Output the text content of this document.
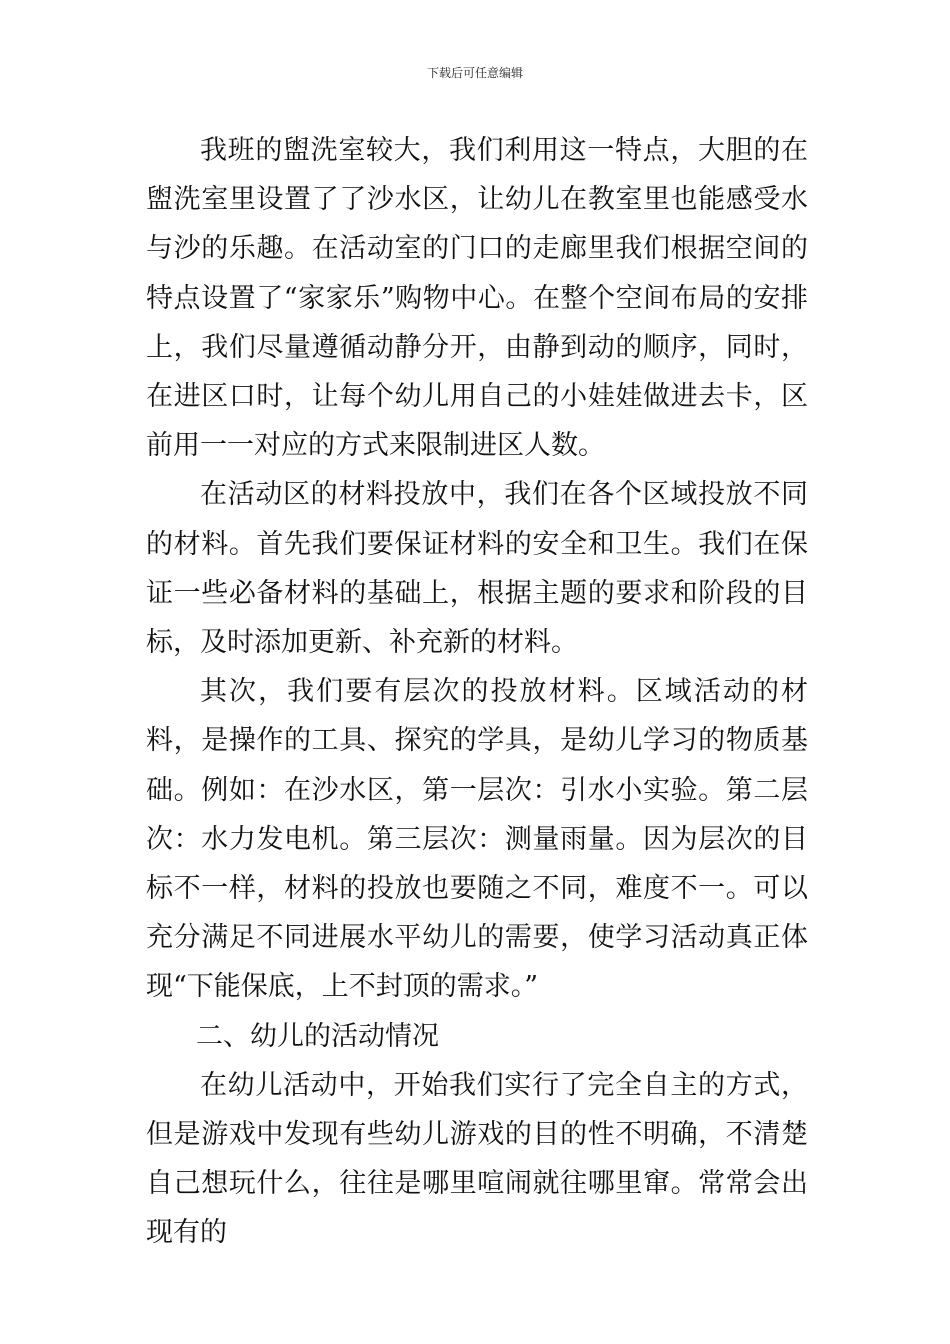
下载后可任意编辑

我班的盥洗室较大，我们利用这一特点，大胆的在盥洗室里设置了了沙水区，让幼儿在教室里也能感受水与沙的乐趣。在活动室的门口的走廊里我们根据空间的特点设置了“家家乐”购物中心。在整个空间布局的安排上，我们尽量遵循动静分开，由静到动的顺序，同时，在进区口时，让每个幼儿用自己的小娃娃做进去卡，区前用一一对应的方式来限制进区人数。

在活动区的材料投放中，我们在各个区域投放不同的材料。首先我们要保证材料的安全和卫生。我们在保证一些必备材料的基础上，根据主题的要求和阶段的目标，及时添加更新、补充新的材料。

其次，我们要有层次的投放材料。区域活动的材料，是操作的工具、探究的学具，是幼儿学习的物质基础。例如：在沙水区，第一层次：引水小实验。第二层次：水力发电机。第三层次：测量雨量。因为层次的目标不一样，材料的投放也要随之不同，难度不一。可以充分满足不同进展水平幼儿的需要，使学习活动真正体现“下能保底，上不封顶的需求。”

二、幼儿的活动情况

在幼儿活动中，开始我们实行了完全自主的方式，但是游戏中发现有些幼儿游戏的目的性不明确，不清楚自己想玩什么，往往是哪里喧闹就往哪里窜。常常会出现有的
